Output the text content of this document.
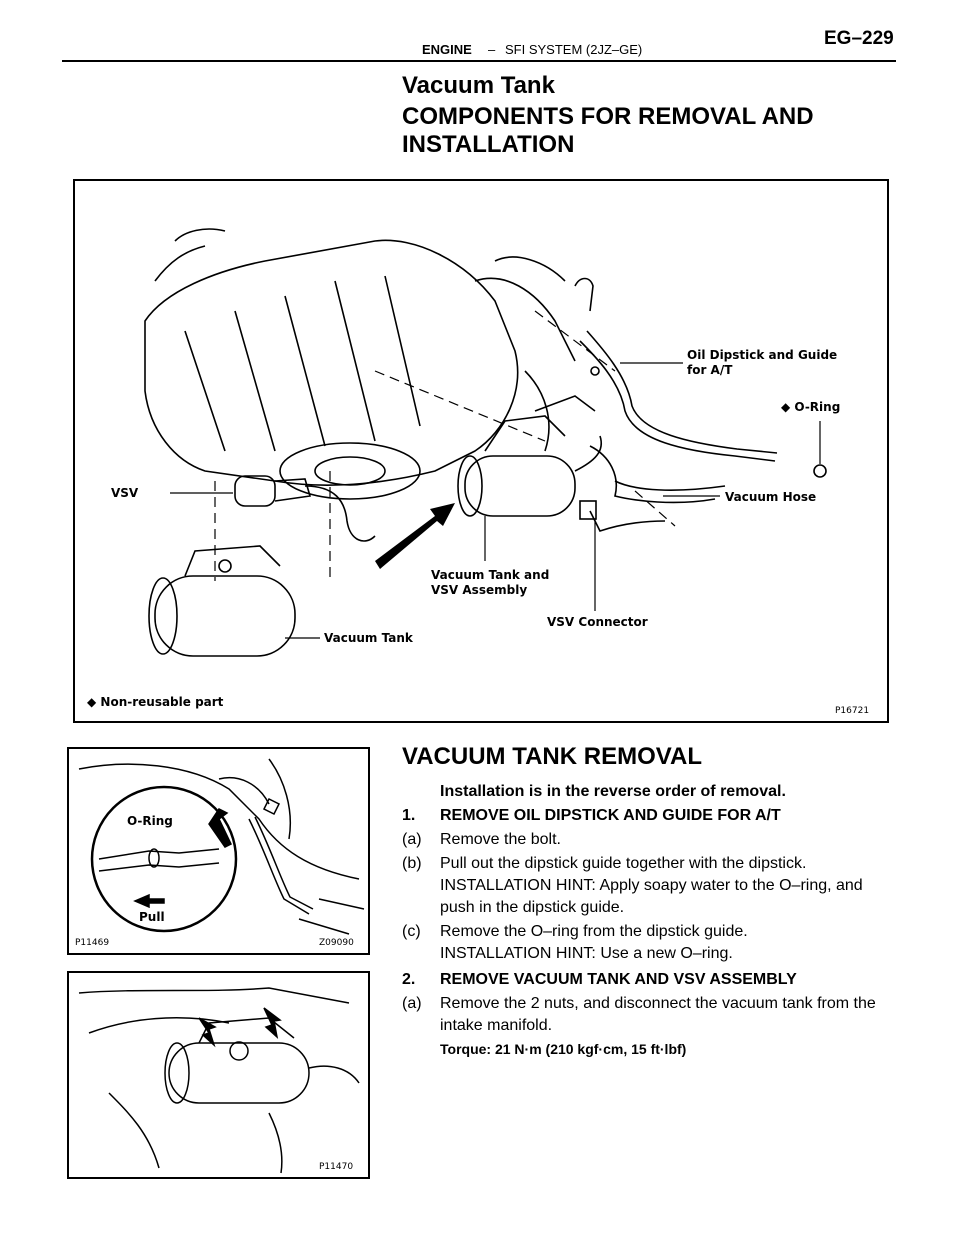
ENGINE – SFI SYSTEM (2JZ–GE)
EG–229
Vacuum Tank
COMPONENTS FOR REMOVAL AND INSTALLATION
Oil Dipstick and Guide
for A/T
◆ O-Ring
VSV	Vacuum Hose
Vacuum Tank and
VSV Assembly
VSV Connector
Vacuum Tank
◆ Non-reusable part
P16721
O-Ring
Pull
P11469	Z09090
P11470
VACUUM TANK REMOVAL
Installation is in the reverse order of removal.
1. REMOVE OIL DIPSTICK AND GUIDE FOR A/T
(a) Remove the bolt.
(b) Pull out the dipstick guide together with the dipstick.
INSTALLATION HINT: Apply soapy water to the O–ring, and push in the dipstick guide.
(c) Remove the O–ring from the dipstick guide.
INSTALLATION HINT: Use a new O–ring.
2. REMOVE VACUUM TANK AND VSV ASSEMBLY
(a) Remove the 2 nuts, and disconnect the vacuum tank from the intake manifold.
Torque: 21 N·m (210 kgf·cm, 15 ft·lbf)
